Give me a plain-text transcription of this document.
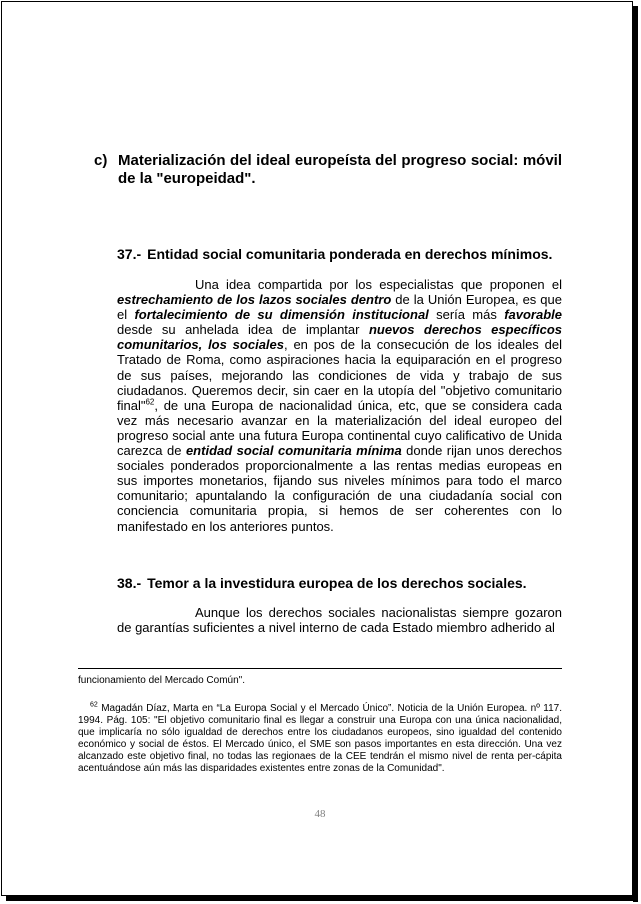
c) Materialización del ideal europeísta del progreso social: móvil de la "europeidad".
37.- Entidad social comunitaria ponderada en derechos mínimos.
Una idea compartida por los especialistas que proponen el estrechamiento de los lazos sociales dentro de la Unión Europea, es que el fortalecimiento de su dimensión institucional sería más favorable desde su anhelada idea de implantar nuevos derechos específicos comunitarios, los sociales, en pos de la consecución de los ideales del Tratado de Roma, como aspiraciones hacia la equiparación en el progreso de sus países, mejorando las condiciones de vida y trabajo de sus ciudadanos. Queremos decir, sin caer en la utopía del "objetivo comunitario final"$^{62}$, de una Europa de nacionalidad única, etc, que se considera cada vez más necesario avanzar en la materialización del ideal europeo del progreso social ante una futura Europa continental cuyo calificativo de Unida carezca de entidad social comunitaria mínima donde rijan unos derechos sociales ponderados proporcionalmente a las rentas medias europeas en sus importes monetarios, fijando sus niveles mínimos para todo el marco comunitario; apuntalando la configuración de una ciudadanía social con conciencia comunitaria propia, si hemos de ser coherentes con lo manifestado en los anteriores puntos.
38.- Temor a la investidura europea de los derechos sociales.
Aunque los derechos sociales nacionalistas siempre gozaron de garantías suficientes a nivel interno de cada Estado miembro adherido al
funcionamiento del Mercado Común".
$^{62}$ Magadán Díaz, Marta en “La Europa Social y el Mercado Único”. Noticia de la Unión Europea. nº 117. 1994. Pág. 105: "El objetivo comunitario final es llegar a construir una Europa con una única nacionalidad, que implicaría no sólo igualdad de derechos entre los ciudadanos europeos, sino igualdad del contenido económico y social de éstos. El Mercado único, el SME son pasos importantes en esta dirección. Una vez alcanzado este objetivo final, no todas las regionaes de la CEE tendrán el mismo nivel de renta per-cápita acentuándose aún más las disparidades existentes entre zonas de la Comunidad".
48
